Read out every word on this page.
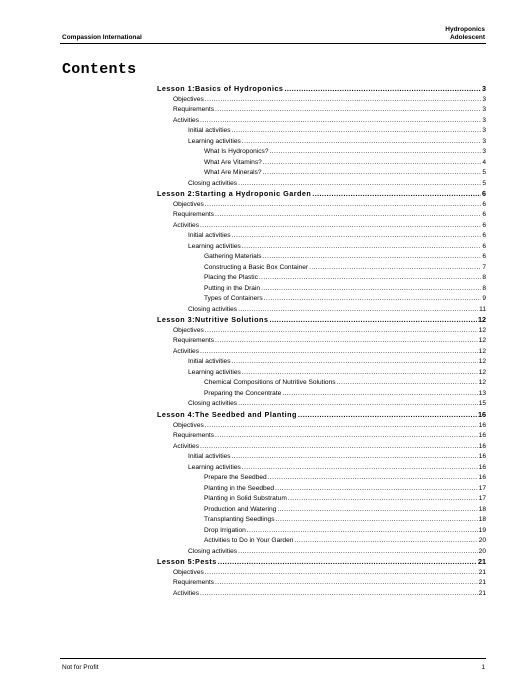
Compassion International
Hydroponics
Adolescent
Contents
Lesson 1:Basics of Hydroponics .....	3
Objectives .....	3
Requirements .....	3
Activities .....	3
Initial activities .....	3
Learning activities .....	3
What Is Hydroponics? .....	3
What Are Vitamins? .....	4
What Are Minerals? .....	5
Closing activities .....	5
Lesson 2:Starting a Hydroponic Garden .....	6
Objectives .....	6
Requirements .....	6
Activities .....	6
Initial activities .....	6
Learning activities .....	6
Gathering Materials .....	6
Constructing a Basic Box Container .....	7
Placing the Plastic .....	8
Putting in the Drain .....	8
Types of Containers .....	9
Closing activities .....	11
Lesson 3:Nutritive Solutions .....	12
Objectives .....	12
Requirements .....	12
Activities .....	12
Initial activities .....	12
Learning activities .....	12
Chemical Compositions of Nutritive Solutions .....	12
Preparing the Concentrate .....	13
Closing activities .....	15
Lesson 4:The Seedbed and Planting .....	16
Objectives .....	16
Requirements .....	16
Activities .....	16
Initial activities .....	16
Learning activities .....	16
Prepare the Seedbed .....	16
Planting in the Seedbed .....	17
Planting in Solid Substratum .....	17
Production and Watering .....	18
Transplanting Seedlings .....	18
Drop Irrigation .....	19
Activities to Do in Your Garden .....	20
Closing activities .....	20
Lesson 5:Pests .....	21
Objectives .....	21
Requirements .....	21
Activities .....	21
Not for Profit	1
